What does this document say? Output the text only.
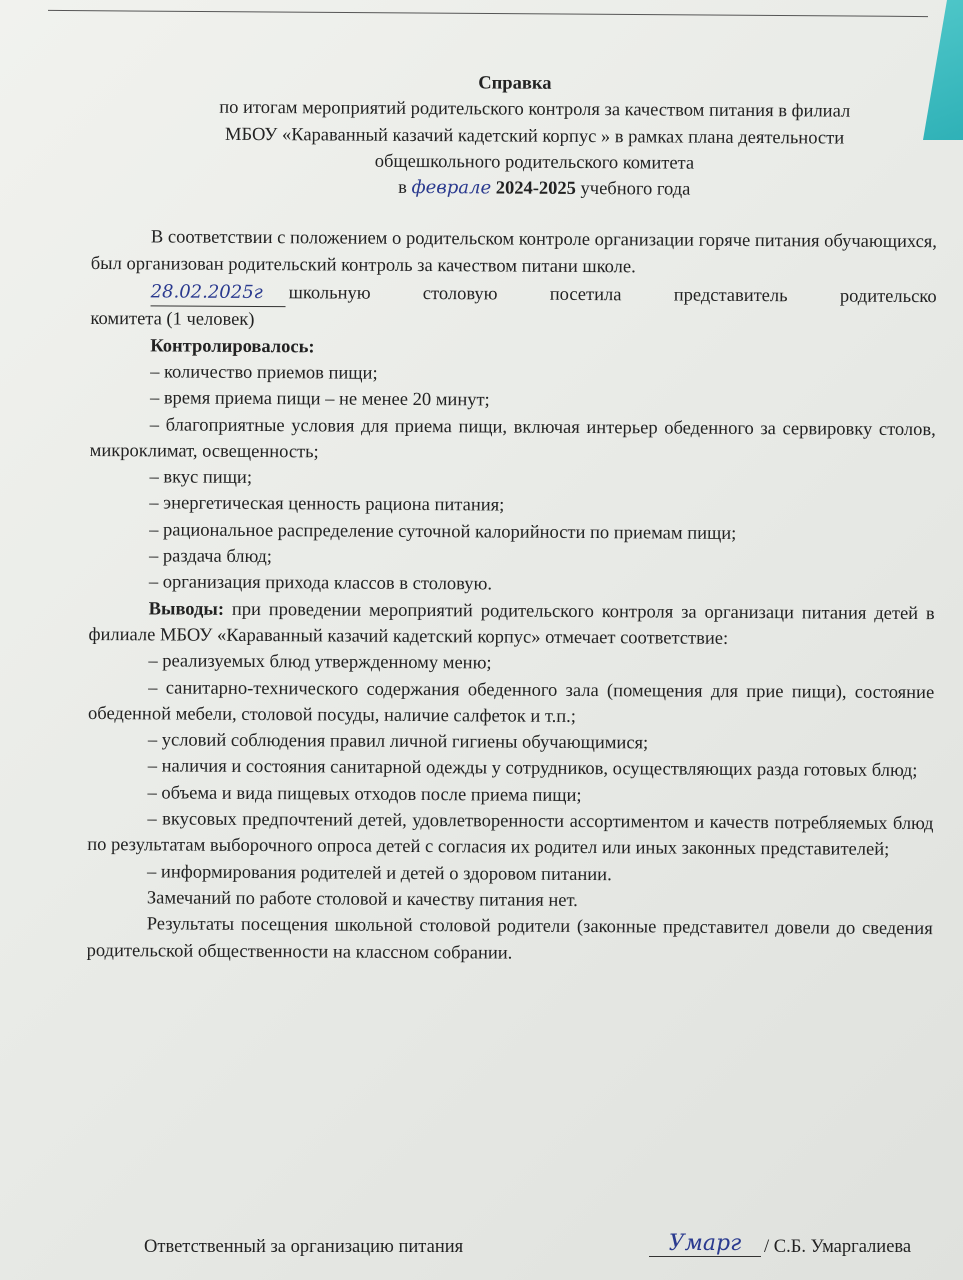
Справка

по итогам мероприятий родительского контроля за качеством питания в филиал

МБОУ «Караванный казачий кадетский корпус » в рамках плана деятельности

общешкольного родительского комитета

в феврале 2024-2025 учебного года

В соответствии с положением о родительском контроле организации горяче питания обучающихся, был организован родительский контроль за качеством питани школе.

28.02.2025г школьную столовую посетила представитель родительско

комитета (1 человек)

Контролировалось:

– количество приемов пищи;

– время приема пищи – не менее 20 минут;

– благоприятные условия для приема пищи, включая интерьер обеденного за сервировку столов, микроклимат, освещенность;

– вкус пищи;

– энергетическая ценность рациона питания;

– рациональное распределение суточной калорийности по приемам пищи;

– раздача блюд;

– организация прихода классов в столовую.

Выводы: при проведении мероприятий родительского контроля за организаци питания детей в филиале МБОУ «Караванный казачий кадетский корпус» отмечает соответствие:

– реализуемых блюд утвержденному меню;

– санитарно-технического содержания обеденного зала (помещения для прие пищи), состояние обеденной мебели, столовой посуды, наличие салфеток и т.п.;

– условий соблюдения правил личной гигиены обучающимися;

– наличия и состояния санитарной одежды у сотрудников, осуществляющих разда готовых блюд;

– объема и вида пищевых отходов после приема пищи;

– вкусовых предпочтений детей, удовлетворенности ассортиментом и качеств потребляемых блюд по результатам выборочного опроса детей с согласия их родител или иных законных представителей;

– информирования родителей и детей о здоровом питании.

Замечаний по работе столовой и качеству питания нет.

Результаты посещения школьной столовой родители (законные представител довели до сведения родительской общественности на классном собрании.

Ответственный за организацию питания	Умарг	/ С.Б. Умаргалиева
